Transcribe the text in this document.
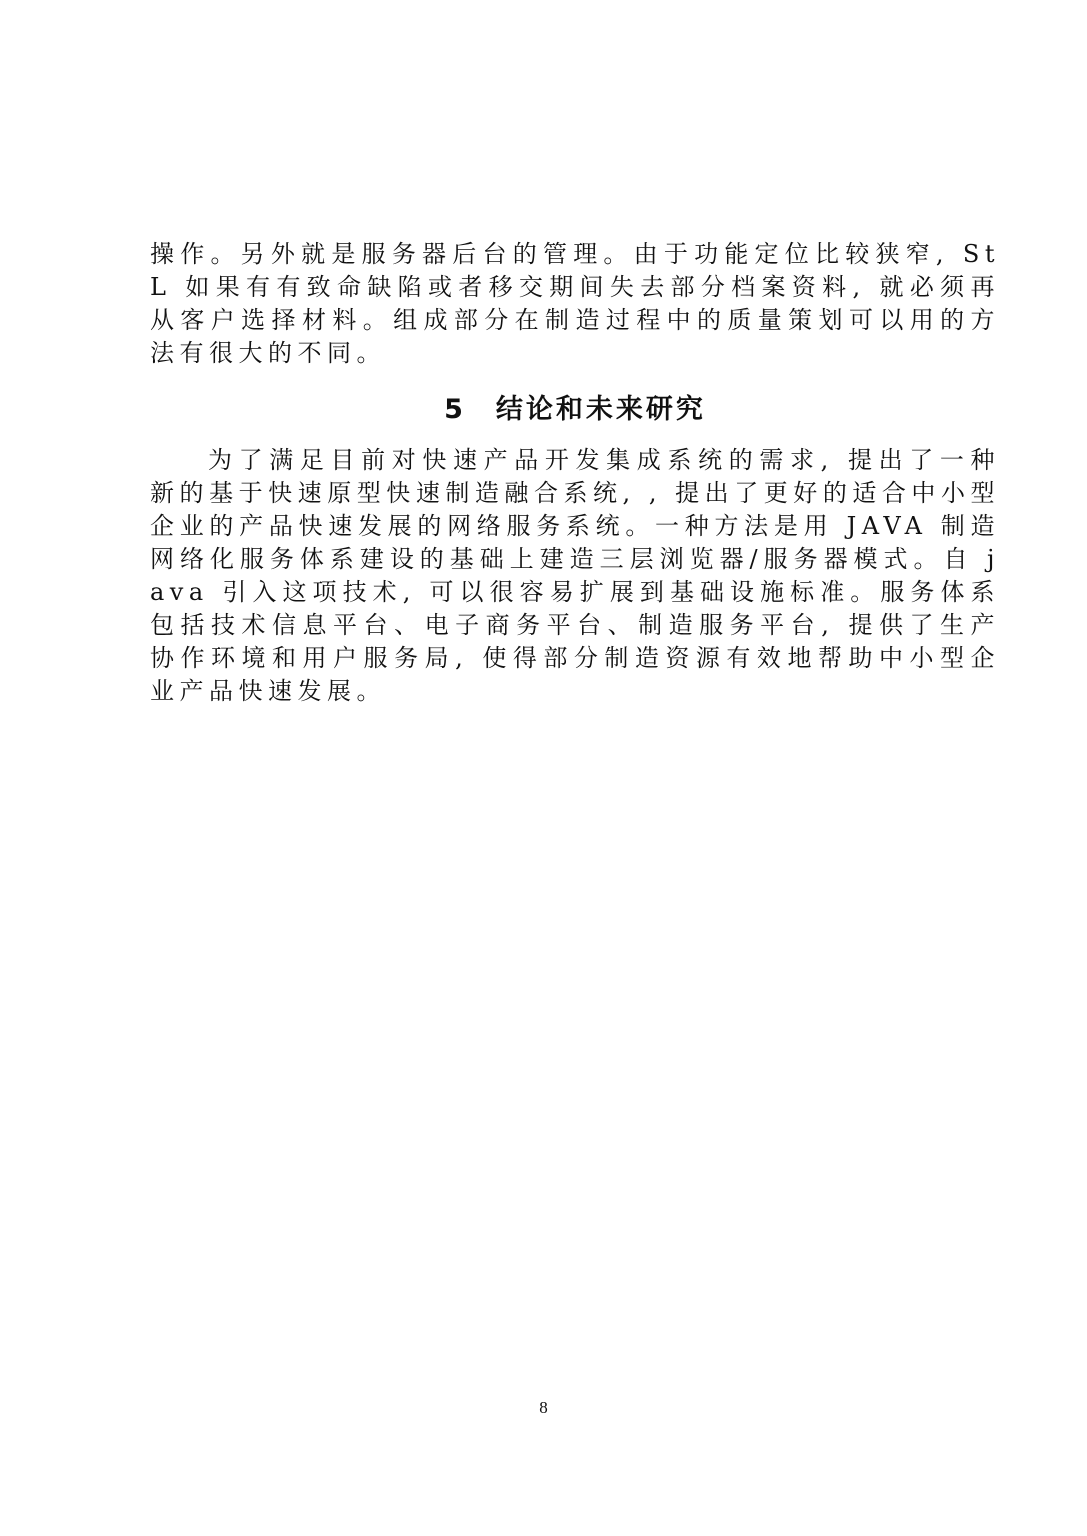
操作。另外就是服务器后台的管理。由于功能定位比较狭窄, StL 如果有有致命缺陷或者移交期间失去部分档案资料, 就必须再从客户选择材料。组成部分在制造过程中的质量策划可以用的方法有很大的不同。

5 结论和未来研究

为了满足目前对快速产品开发集成系统的需求, 提出了一种新的基于快速原型快速制造融合系统, , 提出了更好的适合中小型企业的产品快速发展的网络服务系统。一种方法是用 JAVA 制造网络化服务体系建设的基础上建造三层浏览器/服务器模式。自 java 引入这项技术, 可以很容易扩展到基础设施标准。服务体系包括技术信息平台、电子商务平台、制造服务平台, 提供了生产协作环境和用户服务局, 使得部分制造资源有效地帮助中小型企业产品快速发展。

8
